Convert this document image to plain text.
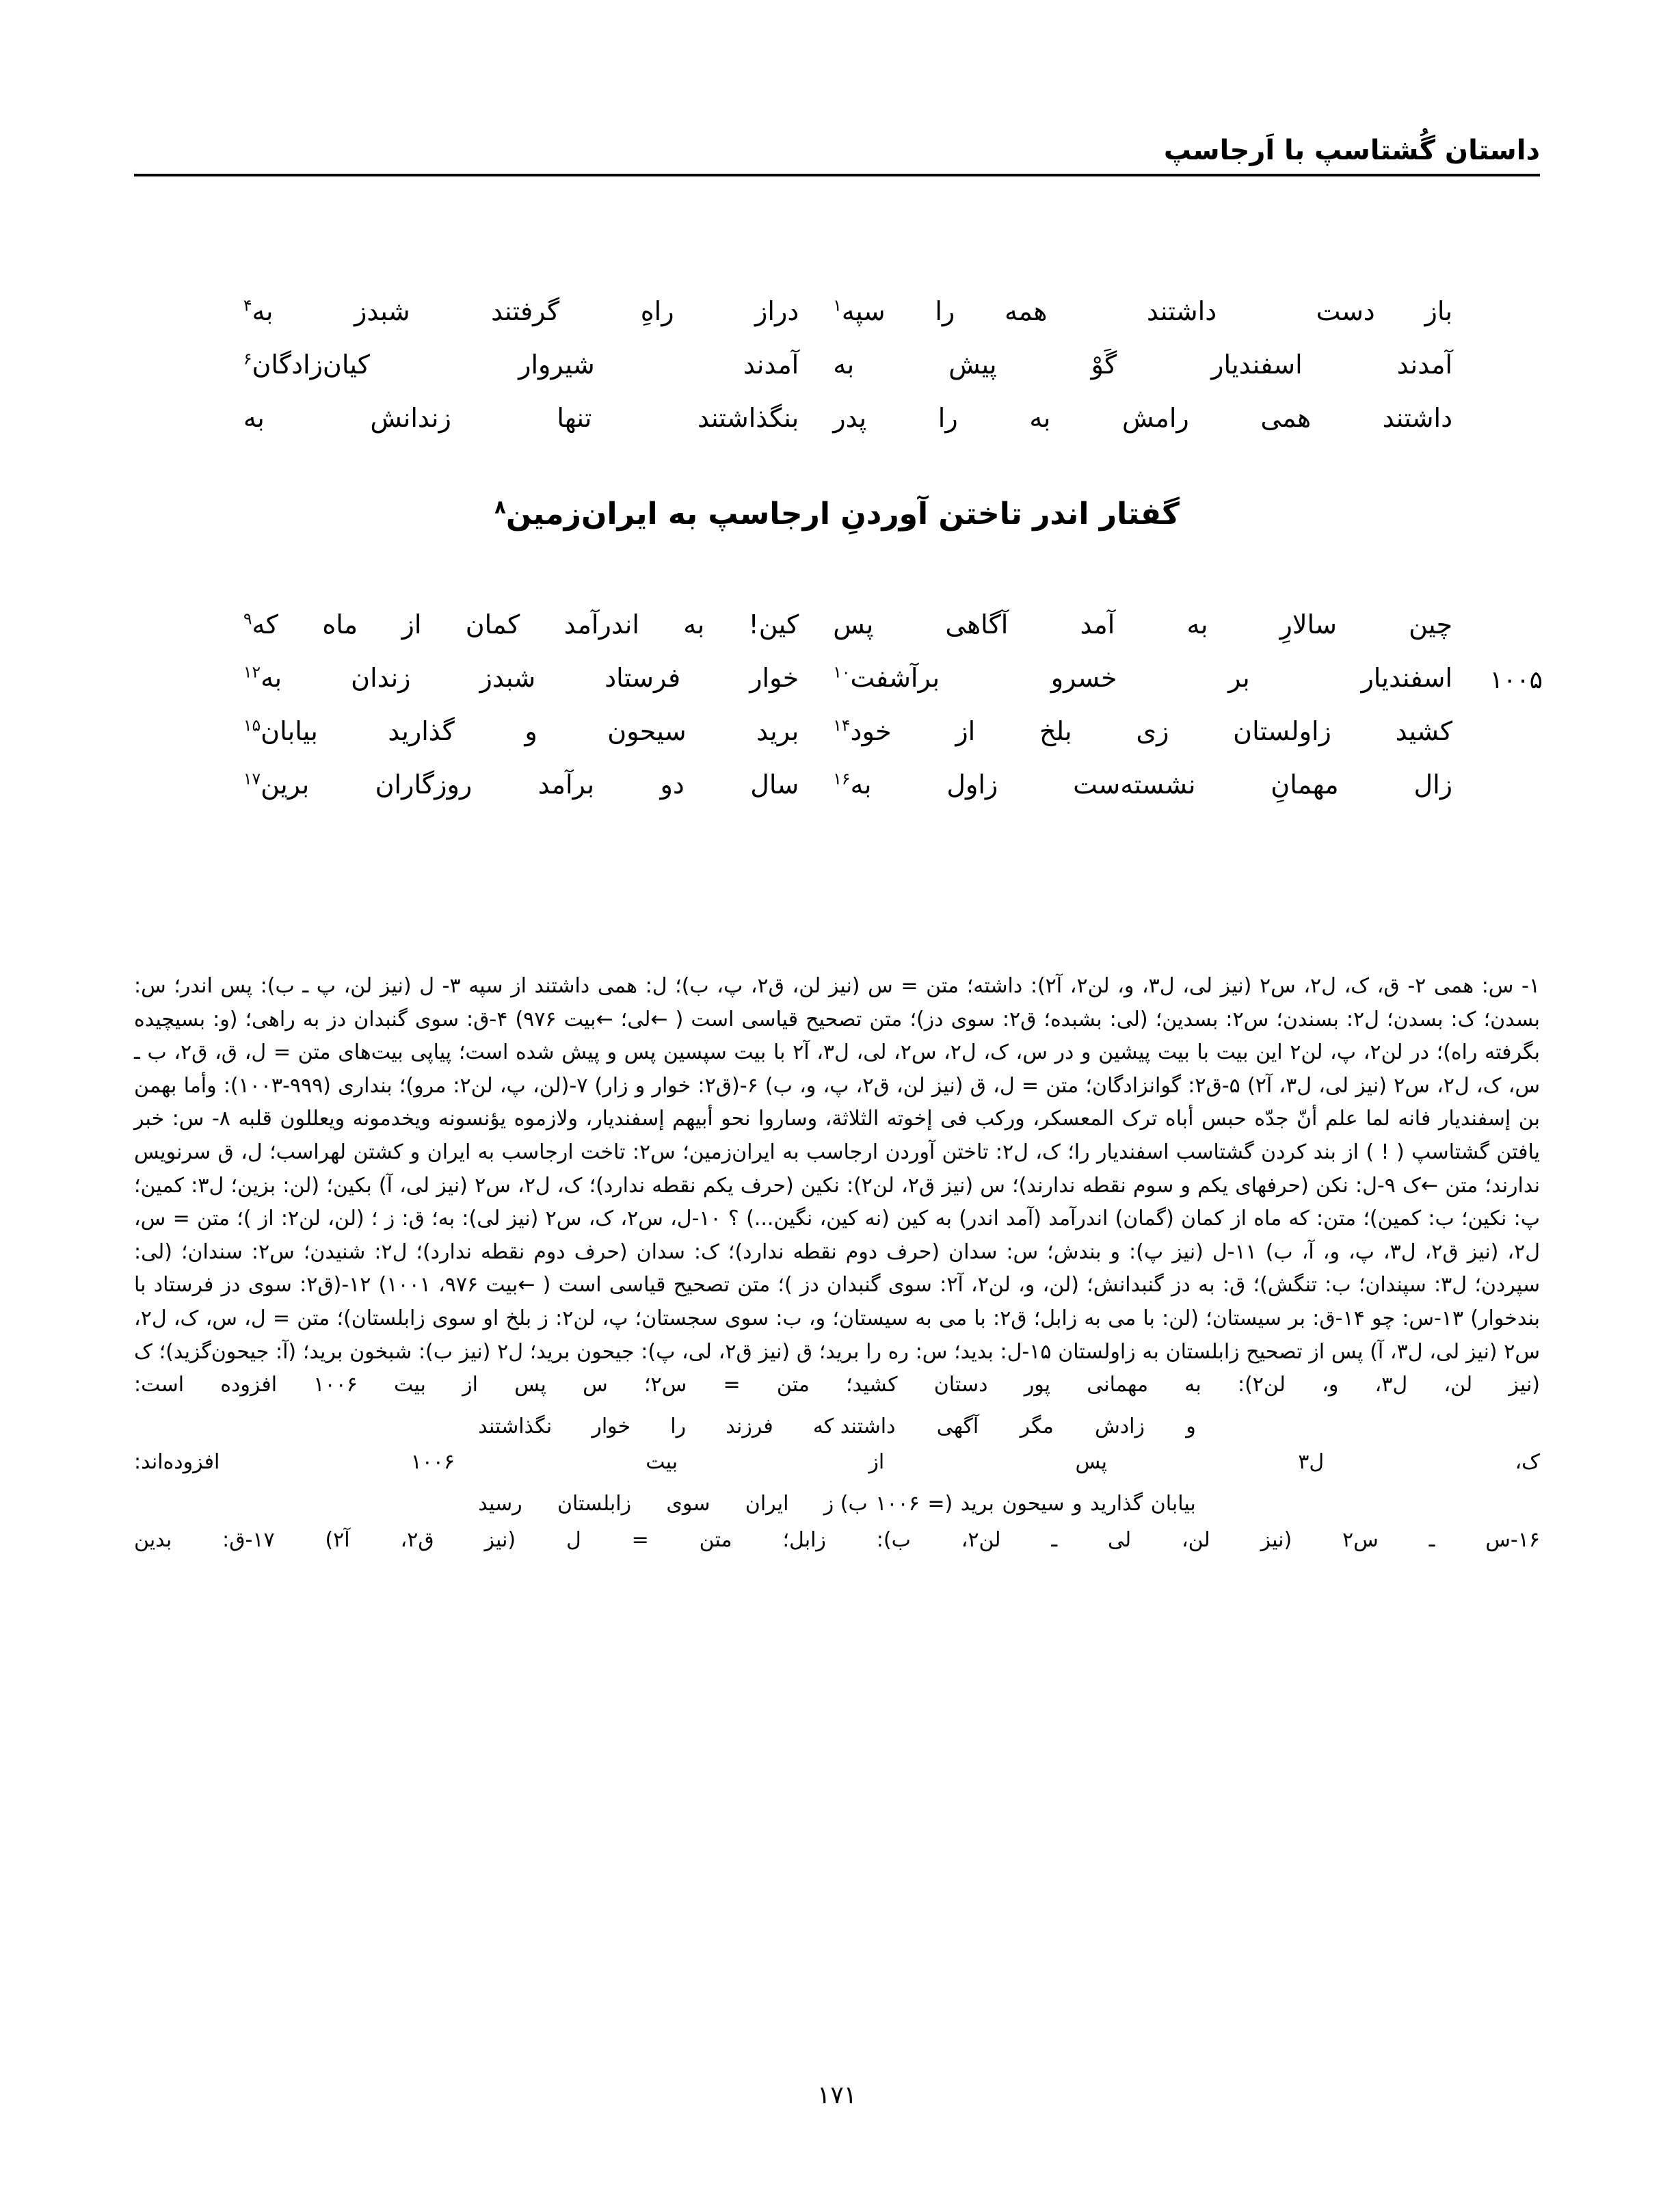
داستان گُشتاسپ با اَرجاسپ
باز دست  داشتند  همه را سپه$^۱$
دراز راهِ گرفتند شبدز به$^۴$
آمدند اسفندیار گَوْ پیش به
آمدند شیروار کیان‌زادگان$^۶$
داشتند همی رامش به را پدر
بنگذاشتند تنها زندانش به
گفتار اندر تاختن آوردنِ ارجاسپ به ایران‌زمین$^۸$
چین سالارِ به آمد آگاهی پس
کین! به اندرآمد کمان از ماه که$^۹$
۱۰۰۵
اسفندیار بر خسرو برآشفت$^{۱۰}$
خوار فرستاد شبدز زندان به$^{۱۲}$
کشید زاولستان زی بلخ از خود$^{۱۴}$
برید سیحون و گذارید بیابان$^{۱۵}$
زال مهمانِ نشسته‌ست زاول به$^{۱۶}$
سال دو برآمد روزگاران برین$^{۱۷}$

۱- س: همی ۲- ق، ک، ل٢، س٢ (نیز لی، ل٣، و، لن٢، آ٢): داشته؛ متن = س (نیز لن، ق٢، پ، ب)؛ ل: همی داشتند از سپه ۳- ل (نیز لن، پ ـ ب): پس اندر؛ س: بسدن؛ ک: بسدن؛ ل٢: بسندن؛ س٢: بسدین؛ (لی: بشبده؛ ق٢: سوی دز)؛ متن تصحیح قیاسی است ( ←لی؛ ←بیت ۹۷۶) ۴-ق: سوی گنبدان دز به راهی؛ (و: بسیچیده بگرفته راه)؛ در لن٢، پ، لن٢ این بیت با بیت پیشین و در س، ک، ل٢، س٢، لی، ل٣، آ٢ با بیت سپسین پس و پیش شده است؛ پیاپی بیت‌های متن = ل، ق، ق٢، ب ـ س، ک، ل٢، س٢ (نیز لی، ل٣، آ٢) ۵-ق٢: گوانزادگان؛ متن = ل، ق (نیز لن، ق٢، پ، و، ب) ۶-(ق٢: خوار و زار) ۷-(لن، پ، لن٢: مرو)؛ بنداری (۹۹۹-۱۰۰۳): وأما بهمن بن إسفندیار فانه لما علم أنّ جدّه حبس أباه ترک المعسکر، ورکب فی إخوته الثلاثة، وساروا نحو أبیهم إسفندیار، ولازموه یؤنسونه ویخدمونه ویعللون قلبه ۸- س: خبر یافتن گشتاسپ ( ! ) از بند کردن گشتاسب اسفندیار را؛ ک، ل٢: تاختن آوردن ارجاسب به ایران‌زمین؛ س٢: تاخت ارجاسب به ایران و کشتن لهراسب؛ ل، ق سرنویس ندارند؛ متن ←ک ۹-ل: نکن (حرفهای یکم و سوم نقطه ندارند)؛ س (نیز ق٢، لن٢): نکین (حرف یکم نقطه ندارد)؛ ک، ل٢، س٢ (نیز لی، آ) بکین؛ (لن: بزین؛ ل٣: کمین؛ پ: نکین؛ ب: کمین)؛ متن: که ماه از کمان (گمان) اندرآمد (آمد اندر) به کین (نه کین، نگین...) ؟ ۱۰-ل، س٢، ک، س٢ (نیز لی): به؛ ق: ز ؛ (لن، لن٢: از )؛ متن = س، ل٢، (نیز ق٢، ل٣، پ، و، آ، ب) ۱۱-ل (نیز پ): و بندش؛ س: سدان (حرف دوم نقطه ندارد)؛ ک: سدان (حرف دوم نقطه ندارد)؛ ل٢: شنیدن؛ س٢: سندان؛ (لی: سپردن؛ ل٣: سپندان؛ ب: تنگش)؛ ق: به دز گنبدانش؛ (لن، و، لن٢، آ٢: سوی گنبدان دز )؛ متن تصحیح قیاسی است ( ←بیت ۹۷۶، ۱۰۰۱) ۱۲-(ق٢: سوی دز فرستاد با بندخوار) ۱۳-س: چو ۱۴-ق: بر سیستان؛ (لن: با می به زابل؛ ق٢: با می به سیستان؛ و، ب: سوی سجستان؛ پ، لن٢: ز بلخ او سوی زابلستان)؛ متن = ل، س، ک، ل٢، س٢ (نیز لی، ل٣، آ) پس از تصحیح زابلستان به زاولستان ۱۵-ل: بدید؛ س: ره را برید؛ ق (نیز ق٢، لی، پ): جیحون برید؛ ل٢ (نیز ب): شبخون برید؛ (آ: جیحون‌گزید)؛ ک (نیز لن، ل٣، و، لن٢): به مهمانی پور دستان کشید؛ متن = س٢؛ س پس از بیت ۱۰۰۶ افزوده است:

و زادش مگر آگهی داشتند که فرزند را خوار نگذاشتند

ک، ل٣ پس از بیت ۱۰۰۶ افزوده‌اند:

بیابان گذارید و سیحون برید (= ۱۰۰۶ ب) ز ایران سوی زابلستان رسید

۱۶-س ـ س٢ (نیز لن، لی ـ لن٢، ب): زابل؛ متن = ل (نیز ق٢، آ٢) ۱۷-ق: بدین

۱۷۱
